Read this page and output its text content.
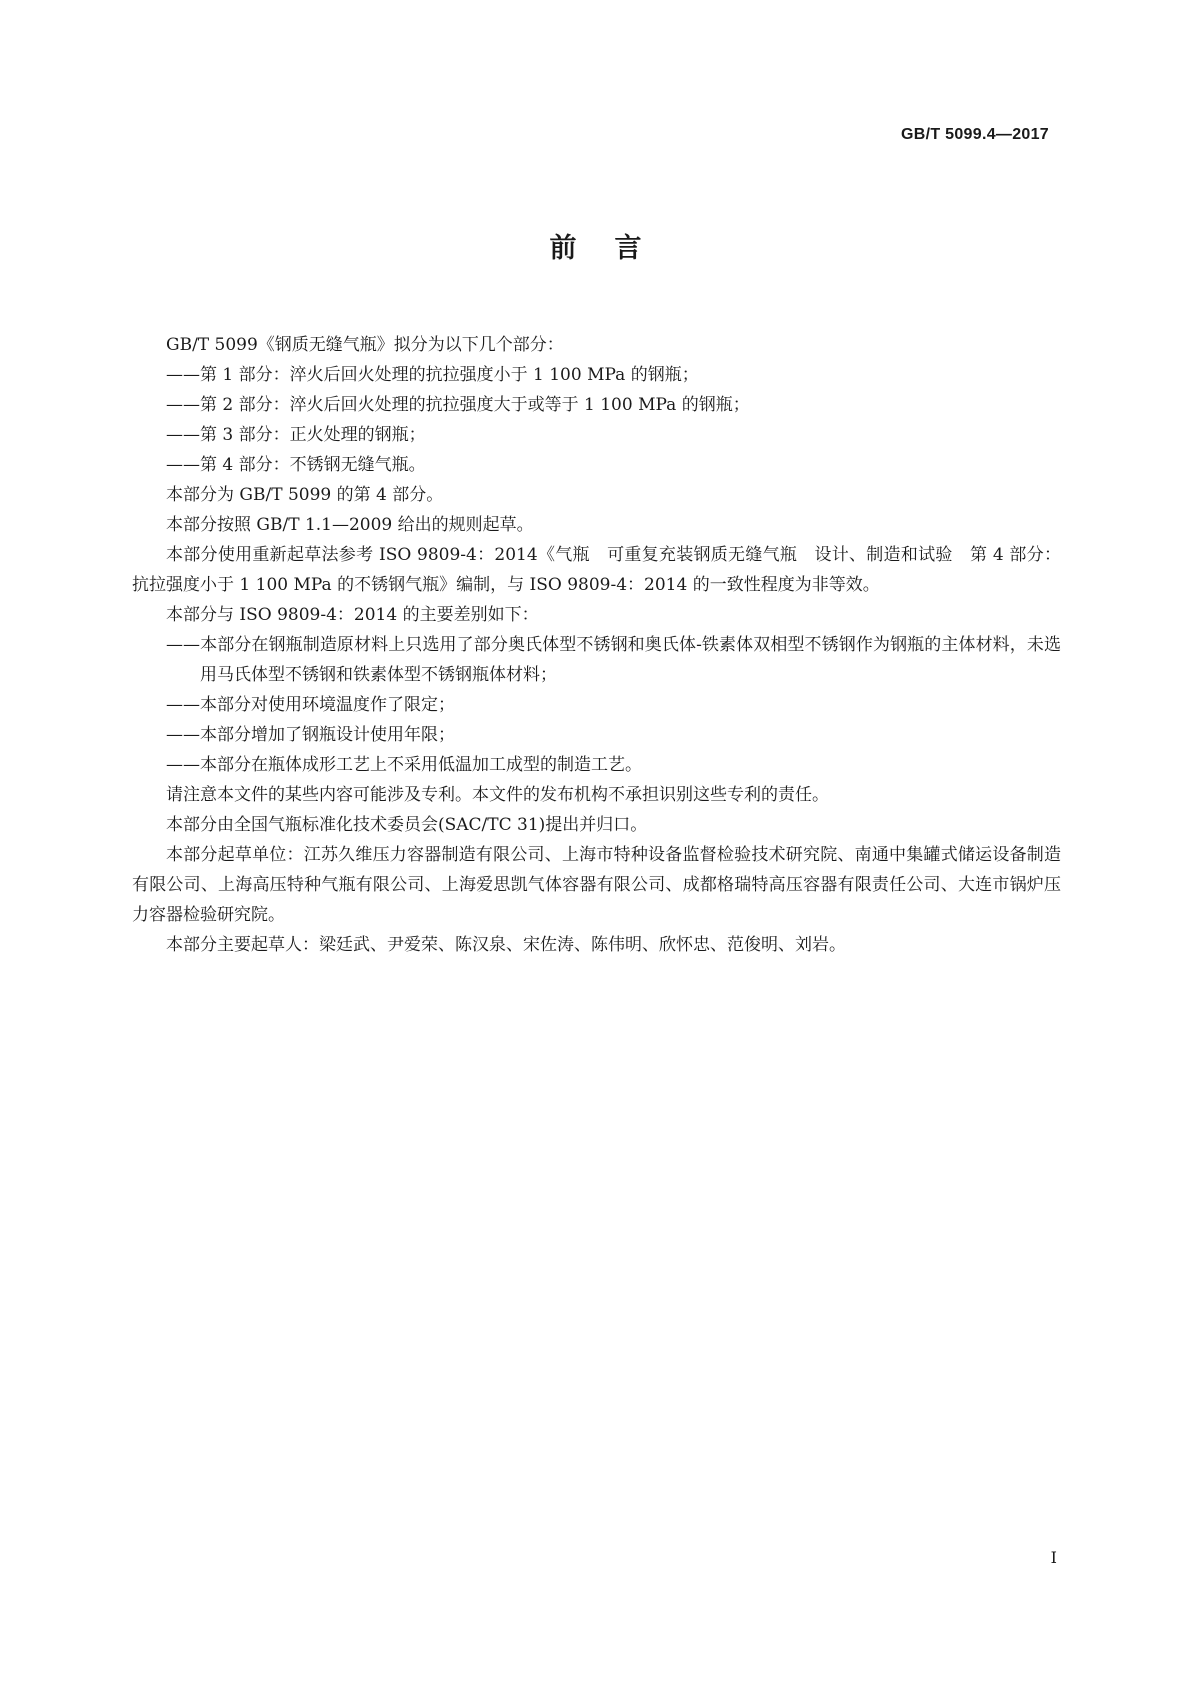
GB/T 5099.4—2017
前言

GB/T 5099《钢质无缝气瓶》拟分为以下几个部分：

——第 1 部分：淬火后回火处理的抗拉强度小于 1 100 MPa 的钢瓶；

——第 2 部分：淬火后回火处理的抗拉强度大于或等于 1 100 MPa 的钢瓶；

——第 3 部分：正火处理的钢瓶；

——第 4 部分：不锈钢无缝气瓶。

本部分为 GB/T 5099 的第 4 部分。

本部分按照 GB/T 1.1—2009 给出的规则起草。

本部分使用重新起草法参考 ISO 9809-4：2014《气瓶　可重复充装钢质无缝气瓶　设计、制造和试验　第 4 部分：抗拉强度小于 1 100 MPa 的不锈钢气瓶》编制，与 ISO 9809-4：2014 的一致性程度为非等效。

本部分与 ISO 9809-4：2014 的主要差别如下：

——本部分在钢瓶制造原材料上只选用了部分奥氏体型不锈钢和奥氏体-铁素体双相型不锈钢作为钢瓶的主体材料，未选用马氏体型不锈钢和铁素体型不锈钢瓶体材料；

——本部分对使用环境温度作了限定；

——本部分增加了钢瓶设计使用年限；

——本部分在瓶体成形工艺上不采用低温加工成型的制造工艺。

请注意本文件的某些内容可能涉及专利。本文件的发布机构不承担识别这些专利的责任。

本部分由全国气瓶标准化技术委员会(SAC/TC 31)提出并归口。

本部分起草单位：江苏久维压力容器制造有限公司、上海市特种设备监督检验技术研究院、南通中集罐式储运设备制造有限公司、上海高压特种气瓶有限公司、上海爱思凯气体容器有限公司、成都格瑞特高压容器有限责任公司、大连市锅炉压力容器检验研究院。

本部分主要起草人：梁廷武、尹爱荣、陈汉泉、宋佐涛、陈伟明、欣怀忠、范俊明、刘岩。

I
